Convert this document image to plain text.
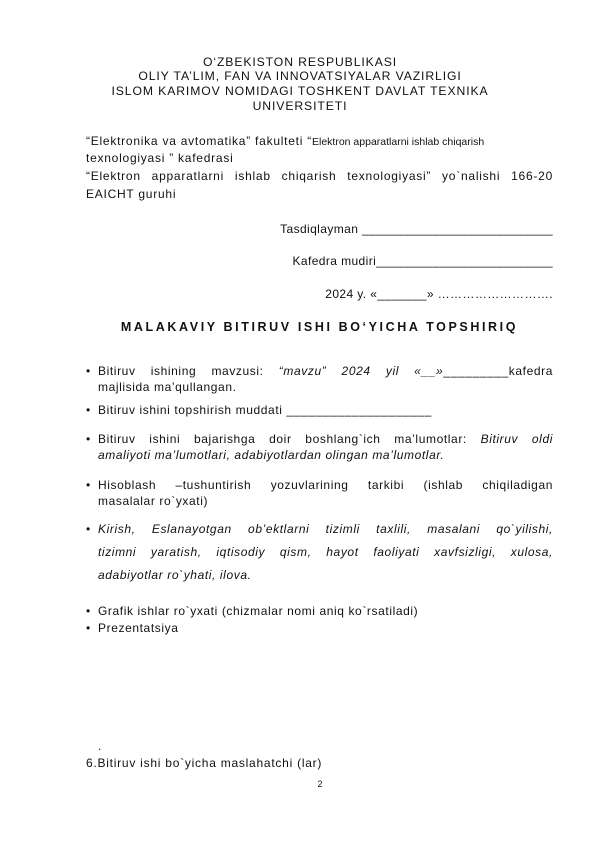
O‘ZBEKISTON RESPUBLIKASI
OLIY TA’LIM, FAN VA INNOVATSIYALAR VAZIRLIGI
ISLOM KARIMOV NOMIDAGI TOSHKENT DAVLAT TEXNIKA
UNIVERSITETI
“Elektronika va avtomatika” fakulteti “Elektron apparatlarni ishlab chiqarish
texnologiyasi ” kafedrasi
“Elektron apparatlarni ishlab chiqarish texnologiyasi” yo`nalishi 166-20
EAICHT guruhi
Tasdiqlayman ___________________________
Kafedra mudiri_________________________
2024 y. «_______» ……………………….
MALAKAVIY BITIRUV ISHI BO‘YICHA TOPSHIRIQ
• Bitiruv ishining mavzusi: “mavzu” 2024 yil «__»_________kafedra
majlisida ma’qullangan.
• Bitiruv ishini topshirish muddati ____________________
• Bitiruv ishini bajarishga doir boshlang`ich ma’lumotlar: Bitiruv oldi
amaliyoti ma’lumotlari, adabiyotlardan olingan ma’lumotlar.
• Hisoblash –tushuntirish yozuvlarining tarkibi (ishlab chiqiladigan
masalalar ro`yxati)
• Kirish, Eslanayotgan ob’ektlarni tizimli taxlili, masalani qo`yilishi,
tizimni yaratish, iqtisodiy qism, hayot faoliyati xavfsizligi, xulosa,
adabiyotlar ro`yhati, ilova.
• Grafik ishlar ro`yxati (chizmalar nomi aniq ko`rsatiladi)
• Prezentatsiya
.
6.Bitiruv ishi bo`yicha maslahatchi (lar)
2
